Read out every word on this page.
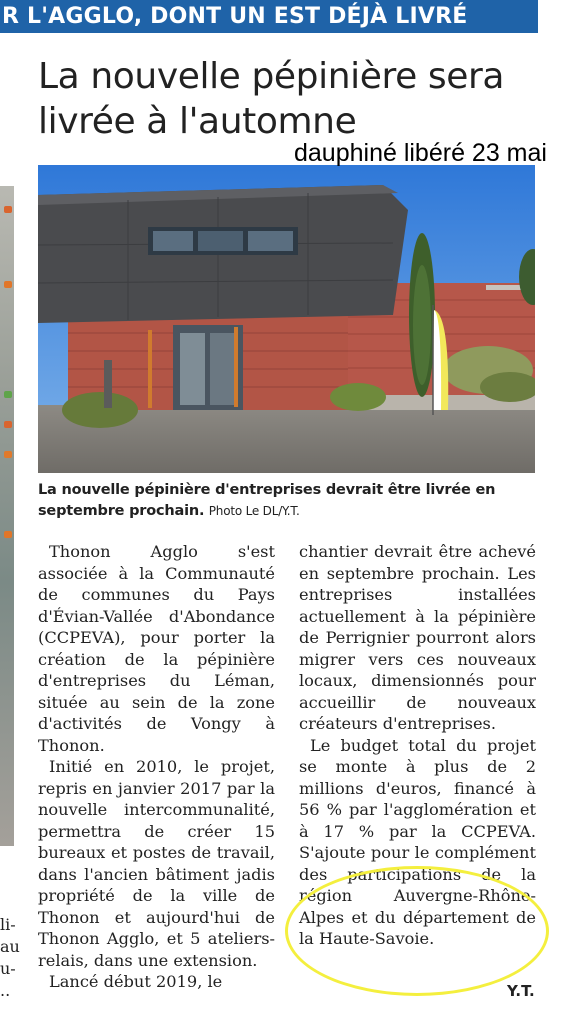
R L'AGGLO, DONT UN EST DÉJÀ LIVRÉ
li-
au
u-
..
La nouvelle pépinière sera
livrée à l'automne
dauphiné libéré 23 mai
La nouvelle pépinière d'entreprises devrait être livrée en septembre prochain. Photo Le DL/Y.T.

Thonon Agglo s'est associée à la Communauté de communes du Pays d'Évian-Vallée d'Abondance (CCPEVA), pour porter la création de la pépinière d'entreprises du Léman, située au sein de la zone d'activités de Vongy à Thonon.

Initié en 2010, le projet, repris en janvier 2017 par la nouvelle intercommunalité, permettra de créer 15 bureaux et postes de travail, dans l'ancien bâtiment jadis propriété de la ville de Thonon et aujourd'hui de Thonon Agglo, et 5 ateliers-relais, dans une extension.

Lancé début 2019, le

chantier devrait être achevé en septembre prochain. Les entreprises installées actuellement à la pépinière de Perrignier pourront alors migrer vers ces nouveaux locaux, dimensionnés pour accueillir de nouveaux créateurs d'entreprises.

Le budget total du projet se monte à plus de 2 millions d'euros, financé à 56 % par l'agglomération et à 17 % par la CCPEVA. S'ajoute pour le complément des participations de la région Auvergne-Rhône-Alpes et du département de la Haute-Savoie.

Y.T.
